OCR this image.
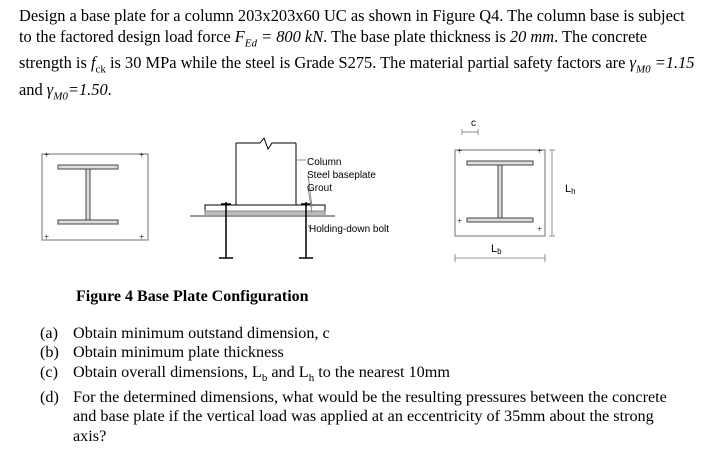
Design a base plate for a column 203x203x60 UC as shown in Figure Q4. The column base is subject to the factored design load force $F_{Ed} = 800$ kN. The base plate thickness is 20 mm. The concrete strength is $f_{ck}$ is 30 MPa while the steel is Grade S275. The material partial safety factors are $\gamma_{M0} =1.15$ and $\gamma_{M0}=1.50$.

+	+
+	+
Column
Steel baseplate
Grout
Holding-down bolt
+	+
+
+
c
Lh
Lb

Figure 4 Base Plate Configuration

(a) Obtain minimum outstand dimension, c
(b) Obtain minimum plate thickness
(c) Obtain overall dimensions, $L_b$ and $L_h$ to the nearest 10mm
(d) For the determined dimensions, what would be the resulting pressures between the concrete and base plate if the vertical load was applied at an eccentricity of 35mm about the strong axis?
